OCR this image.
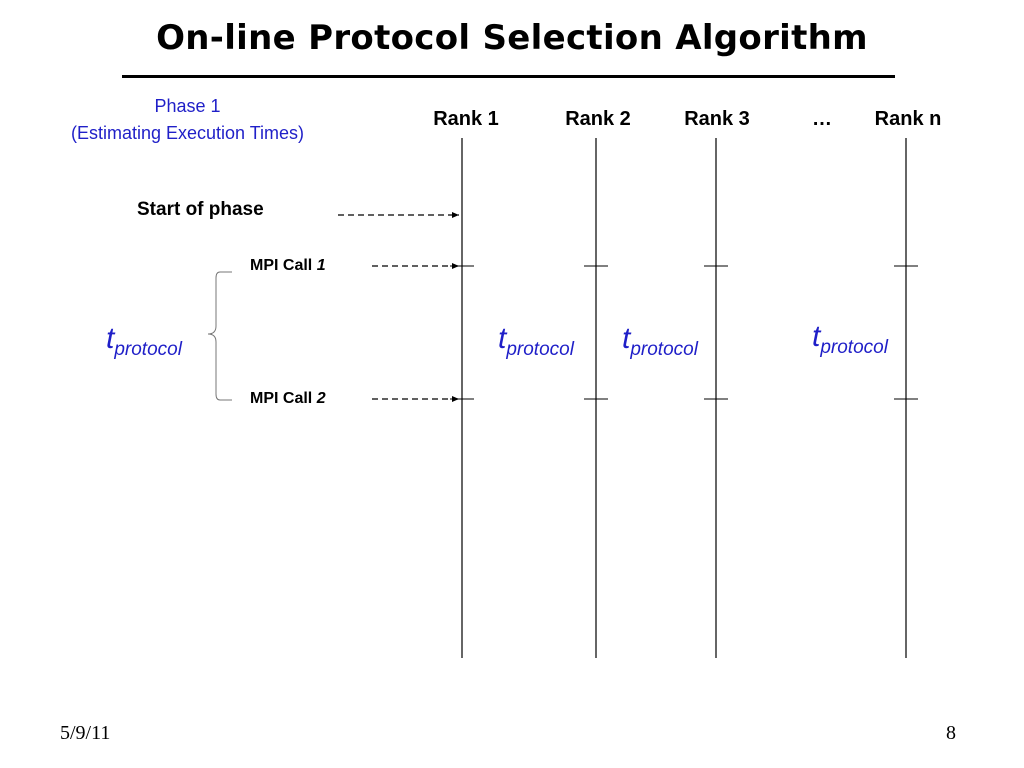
On-line Protocol Selection Algorithm
Phase 1
(Estimating Execution Times)
Rank 1	Rank 2	Rank 3	… Rank n
Start of phase
MPI Call 1
MPI Call 2
tprotocol	tprotocol tprotocol	tprotocol
5/9/11	8
